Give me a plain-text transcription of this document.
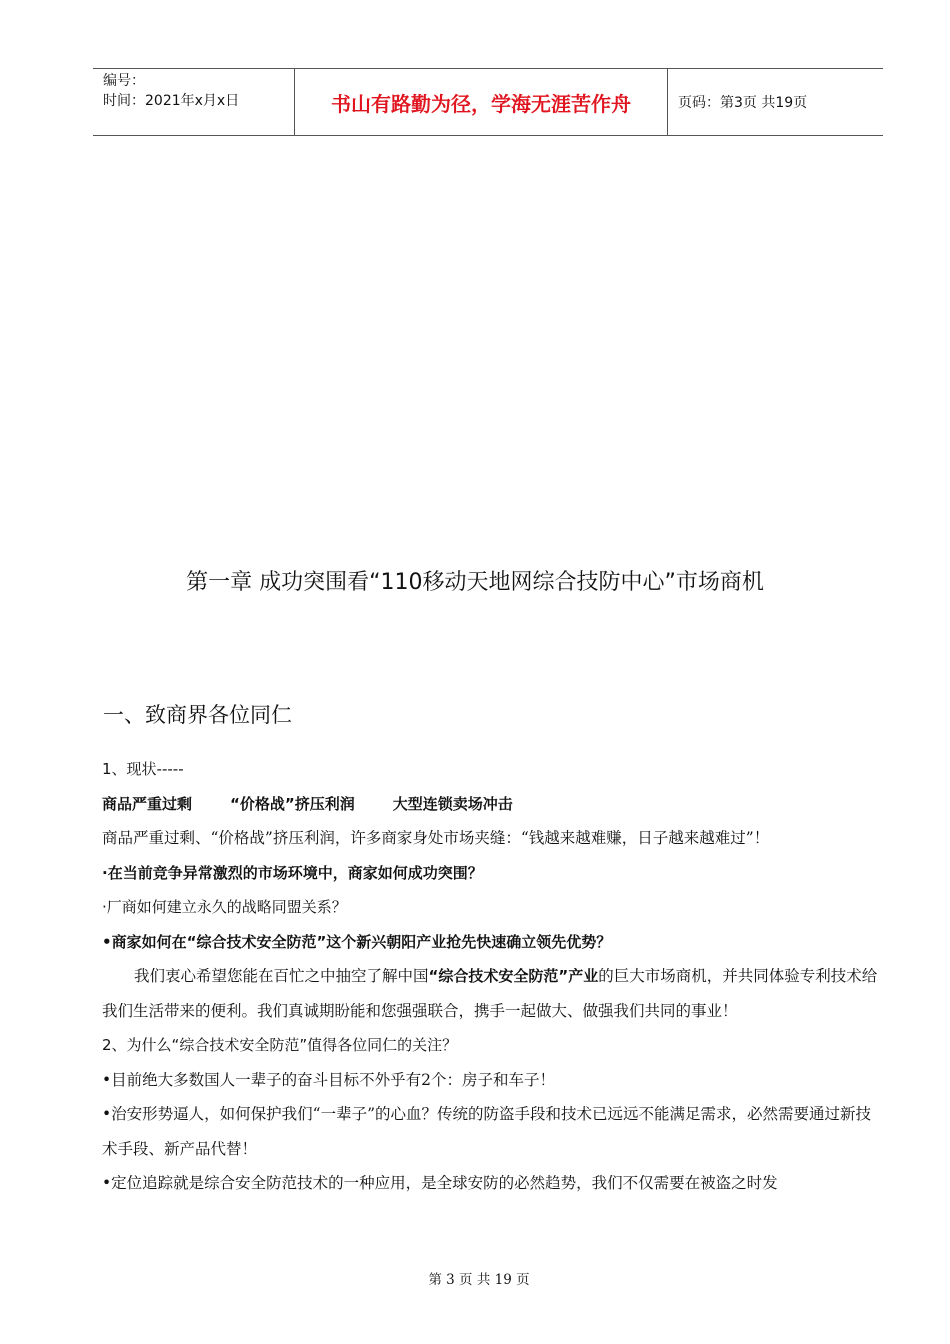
编号：
时间：2021年x月x日	书山有路勤为径，学海无涯苦作舟	页码：第3页 共19页
第一章 成功突围看“110移动天地网综合技防中心”市场商机
一、致商界各位同仁

1、现状-----

商品严重过剩	“价格战”挤压利润	大型连锁卖场冲击

商品严重过剩、“价格战”挤压利润，许多商家身处市场夹缝：“钱越来越难赚，日子越来越难过”！

·在当前竞争异常激烈的市场环境中，商家如何成功突围？

·厂商如何建立永久的战略同盟关系？

•商家如何在“综合技术安全防范”这个新兴朝阳产业抢先快速确立领先优势？

我们衷心希望您能在百忙之中抽空了解中国“综合技术安全防范”产业的巨大市场商机，并共同体验专利技术给我们生活带来的便利。我们真诚期盼能和您强强联合，携手一起做大、做强我们共同的事业！

2、为什么“综合技术安全防范”值得各位同仁的关注？

•目前绝大多数国人一辈子的奋斗目标不外乎有2个：房子和车子！

•治安形势逼人，如何保护我们“一辈子”的心血？传统的防盗手段和技术已远远不能满足需求，必然需要通过新技术手段、新产品代替！

•定位追踪就是综合安全防范技术的一种应用，是全球安防的必然趋势，我们不仅需要在被盗之时发

第 3 页 共 19 页
